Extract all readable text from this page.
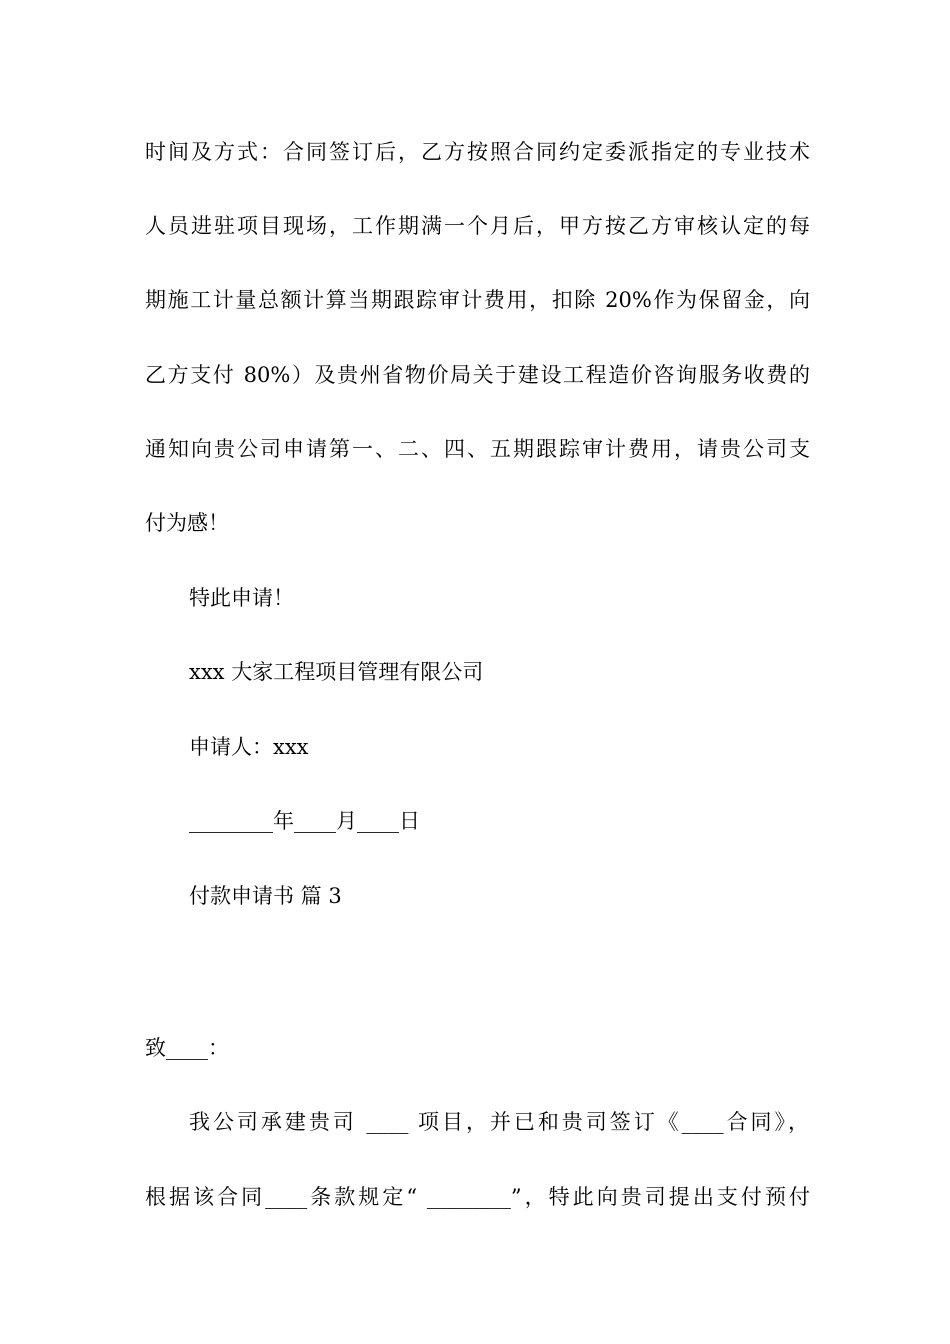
时间及方式：合同签订后，乙方按照合同约定委派指定的专业技术
人员进驻项目现场，工作期满一个月后，甲方按乙方审核认定的每
期施工计量总额计算当期跟踪审计费用，扣除 20%作为保留金，向
乙方支付 80%）及贵州省物价局关于建设工程造价咨询服务收费的
通知向贵公司申请第一、二、四、五期跟踪审计费用，请贵公司支
付为感！
特此申请！
xxx 大家工程项目管理有限公司
申请人：xxx
________年____月____日
付款申请书 篇 3
致____：
我公司承建贵司 ____ 项目，并已和贵司签订《____合同》，
根据该合同____条款规定“ ________”，特此向贵司提出支付预付
